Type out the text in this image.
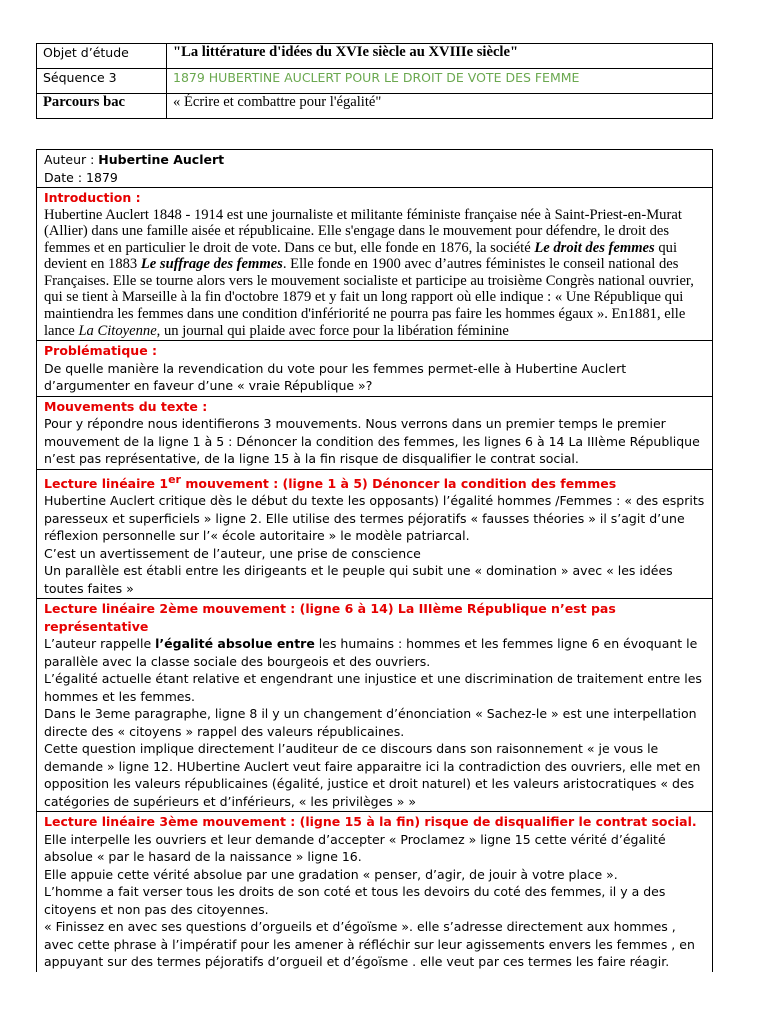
Objet d’étude	"La littérature d'idées du XVIe siècle au XVIIIe siècle"
Séquence 3	1879 HUBERTINE AUCLERT POUR LE DROIT DE VOTE DES FEMME
Parcours bac	« Écrire et combattre pour l'égalité"

Auteur : Hubertine Auclert

Date : 1879

Introduction :

Hubertine Auclert 1848 - 1914 est une journaliste et militante féministe française née à Saint-Priest-en-Murat (Allier) dans une famille aisée et républicaine. Elle s'engage dans le mouvement pour défendre, le droit des femmes et en particulier le droit de vote. Dans ce but, elle fonde en 1876, la société Le droit des femmes qui devient en 1883 Le suffrage des femmes. Elle fonde en 1900 avec d’autres féministes le conseil national des Françaises. Elle se tourne alors vers le mouvement socialiste et participe au troisième Congrès national ouvrier, qui se tient à Marseille à la fin d'octobre 1879 et y fait un long rapport où elle indique : « Une République qui maintiendra les femmes dans une condition d'infériorité ne pourra pas faire les hommes égaux ». En1881, elle lance La Citoyenne, un journal qui plaide avec force pour la libération féminine

Problématique :

De quelle manière la revendication du vote pour les femmes permet-elle à Hubertine Auclert d’argumenter en faveur d’une « vraie République »?

Mouvements du texte :

Pour y répondre nous identifierons 3 mouvements. Nous verrons dans un premier temps le premier mouvement de la ligne 1 à 5 : Dénoncer la condition des femmes, les lignes 6 à 14 La IIIème République n’est pas représentative, de la ligne 15 à la fin risque de disqualifier le contrat social.

Lecture linéaire 1er mouvement : (ligne 1 à 5) Dénoncer la condition des femmes

Hubertine Auclert critique dès le début du texte les opposants) l’égalité hommes /Femmes : « des esprits paresseux et superficiels » ligne 2. Elle utilise des termes péjoratifs « fausses théories » il s’agit d’une réflexion personnelle sur l’« école autoritaire » le modèle patriarcal.

C’est un avertissement de l’auteur, une prise de conscience

Un parallèle est établi entre les dirigeants et le peuple qui subit une « domination » avec « les idées toutes faites »

Lecture linéaire 2ème mouvement : (ligne 6 à 14) La IIIème République n’est pas représentative

L’auteur rappelle l’égalité absolue entre les humains : hommes et les femmes ligne 6 en évoquant le parallèle avec la classe sociale des bourgeois et des ouvriers.

L’égalité actuelle étant relative et engendrant une injustice et une discrimination de traitement entre les hommes et les femmes.

Dans le 3eme paragraphe, ligne 8 il y un changement d’énonciation « Sachez-le » est une interpellation directe des « citoyens » rappel des valeurs républicaines.

Cette question implique directement l’auditeur de ce discours dans son raisonnement « je vous le demande » ligne 12. HUbertine Auclert veut faire apparaitre ici la contradiction des ouvriers, elle met en opposition les valeurs républicaines (égalité, justice et droit naturel) et les valeurs aristocratiques « des catégories de supérieurs et d’inférieurs, « les privilèges » »

Lecture linéaire 3ème mouvement : (ligne 15 à la fin) risque de disqualifier le contrat social.

Elle interpelle les ouvriers et leur demande d’accepter « Proclamez » ligne 15 cette vérité d’égalité absolue « par le hasard de la naissance » ligne 16.

Elle appuie cette vérité absolue par une gradation « penser, d’agir, de jouir à votre place ».

L’homme a fait verser tous les droits de son coté et tous les devoirs du coté des femmes, il y a des citoyens et non pas des citoyennes.

« Finissez en avec ses questions d’orgueils et d’égoïsme ». elle s’adresse directement aux hommes , avec cette phrase à l’impératif pour les amener à réfléchir sur leur agissements envers les femmes , en appuyant sur des termes péjoratifs d’orgueil et d’égoïsme . elle veut par ces termes les faire réagir.
